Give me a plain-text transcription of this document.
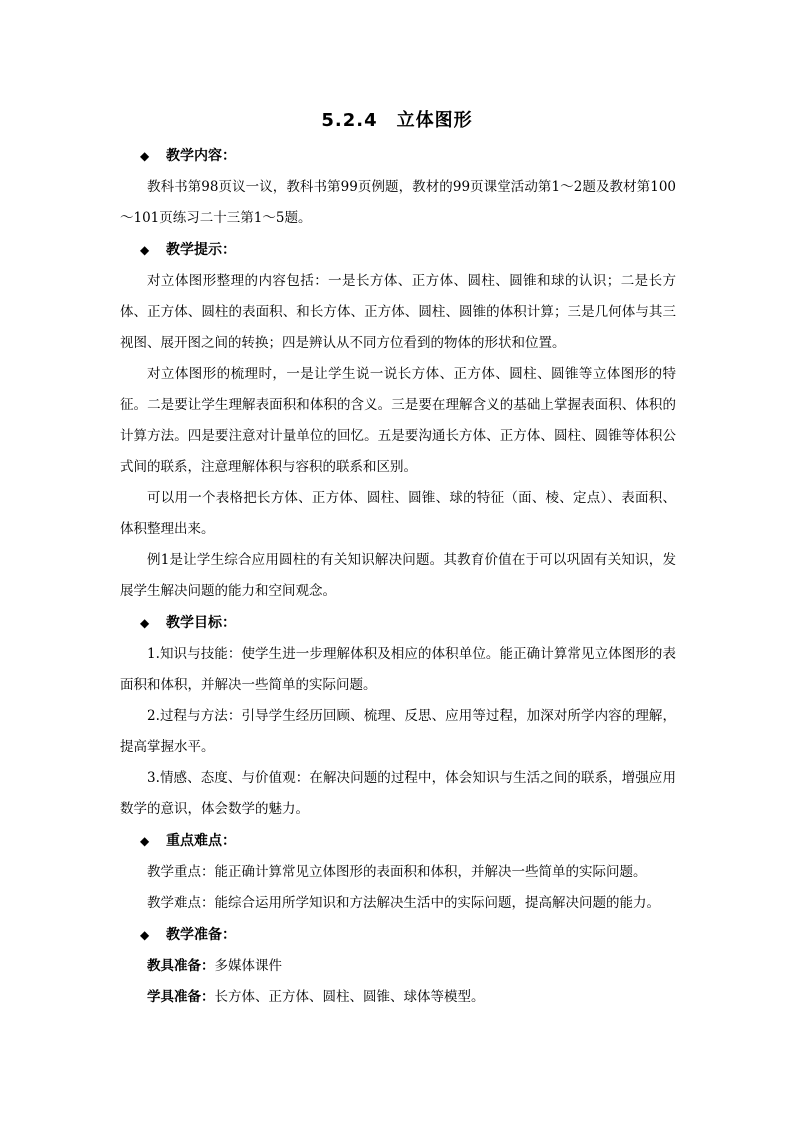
5.2.4　立体图形
◆ 教学内容：

教科书第98页议一议，教科书第99页例题，教材的99页课堂活动第1～2题及教材第100～101页练习二十三第1～5题。

◆ 教学提示：

对立体图形整理的内容包括：一是长方体、正方体、圆柱、圆锥和球的认识；二是长方体、正方体、圆柱的表面积、和长方体、正方体、圆柱、圆锥的体积计算；三是几何体与其三视图、展开图之间的转换；四是辨认从不同方位看到的物体的形状和位置。

对立体图形的梳理时，一是让学生说一说长方体、正方体、圆柱、圆锥等立体图形的特征。二是要让学生理解表面积和体积的含义。三是要在理解含义的基础上掌握表面积、体积的计算方法。四是要注意对计量单位的回忆。五是要沟通长方体、正方体、圆柱、圆锥等体积公式间的联系，注意理解体积与容积的联系和区别。

可以用一个表格把长方体、正方体、圆柱、圆锥、球的特征（面、棱、定点）、表面积、体积整理出来。

例1是让学生综合应用圆柱的有关知识解决问题。其教育价值在于可以巩固有关知识，发展学生解决问题的能力和空间观念。

◆ 教学目标：

1.知识与技能：使学生进一步理解体积及相应的体积单位。能正确计算常见立体图形的表面积和体积，并解决一些简单的实际问题。

2.过程与方法：引导学生经历回顾、梳理、反思、应用等过程，加深对所学内容的理解，提高掌握水平。

3.情感、态度、与价值观：在解决问题的过程中，体会知识与生活之间的联系，增强应用数学的意识，体会数学的魅力。

◆ 重点难点：

教学重点：能正确计算常见立体图形的表面积和体积，并解决一些简单的实际问题。

教学难点：能综合运用所学知识和方法解决生活中的实际问题，提高解决问题的能力。

◆ 教学准备：

教具准备：多媒体课件

学具准备：长方体、正方体、圆柱、圆锥、球体等模型。
